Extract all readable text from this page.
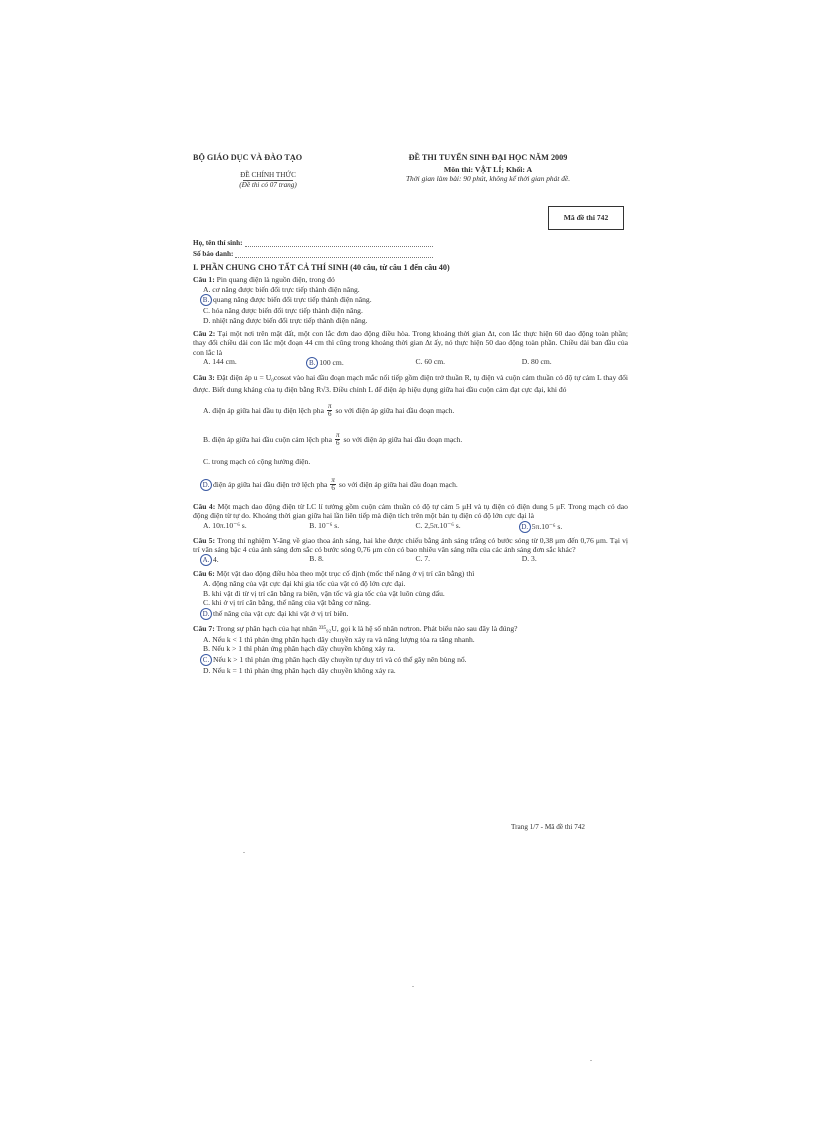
BỘ GIÁO DỤC VÀ ĐÀO TẠO
ĐỀ CHÍNH THỨC
(Đề thi có 07 trang)
ĐỀ THI TUYỂN SINH ĐẠI HỌC NĂM 2009
Môn thi: VẬT LÍ; Khối: A
Thời gian làm bài: 90 phút, không kể thời gian phát đề.
Mã đề thi 742
Họ, tên thí sinh:
Số báo danh:
I. PHẦN CHUNG CHO TẤT CẢ THÍ SINH (40 câu, từ câu 1 đến câu 40)
Câu 1: Pin quang điện là nguồn điện, trong đó
A. cơ năng được biến đổi trực tiếp thành điện năng.
B. quang năng được biến đổi trực tiếp thành điện năng.
C. hóa năng được biến đổi trực tiếp thành điện năng.
D. nhiệt năng được biến đổi trực tiếp thành điện năng.
Câu 2: Tại một nơi trên mặt đất, một con lắc đơn dao động điều hòa. Trong khoảng thời gian Δt, con lắc thực hiện 60 dao động toàn phần; thay đổi chiều dài con lắc một đoạn 44 cm thì cũng trong khoảng thời gian Δt ấy, nó thực hiện 50 dao động toàn phần. Chiều dài ban đầu của con lắc là
A. 144 cm.	B. 100 cm.	C. 60 cm.	D. 80 cm.
Câu 3: Đặt điện áp u = U₀cosωt vào hai đầu đoạn mạch mắc nối tiếp gồm điện trở thuần R, tụ điện và cuộn cảm thuần có độ tự cảm L thay đổi được. Biết dung kháng của tụ điện bằng R√3. Điều chỉnh L để điện áp hiệu dụng giữa hai đầu cuộn cảm đạt cực đại, khi đó
A. điện áp giữa hai đầu tụ điện lệch pha $\frac{\pi}{6}$ so với điện áp giữa hai đầu đoạn mạch.
B. điện áp giữa hai đầu cuộn cảm lệch pha $\frac{\pi}{6}$ so với điện áp giữa hai đầu đoạn mạch.
C. trong mạch có cộng hưởng điện.
D. điện áp giữa hai đầu điện trở lệch pha $\frac{\pi}{6}$ so với điện áp giữa hai đầu đoạn mạch.
Câu 4: Một mạch dao động điện từ LC lí tưởng gồm cuộn cảm thuần có độ tự cảm 5 μH và tụ điện có điện dung 5 μF. Trong mạch có dao động điện từ tự do. Khoảng thời gian giữa hai lần liên tiếp mà điện tích trên một bản tụ điện có độ lớn cực đại là
A. 10π.10⁻⁶ s.	B. 10⁻⁶ s.	C. 2,5π.10⁻⁶ s.	D. 5π.10⁻⁶ s.
Câu 5: Trong thí nghiệm Y-âng về giao thoa ánh sáng, hai khe được chiếu bằng ánh sáng trắng có bước sóng từ 0,38 μm đến 0,76 μm. Tại vị trí vân sáng bậc 4 của ánh sáng đơn sắc có bước sóng 0,76 μm còn có bao nhiêu vân sáng nữa của các ánh sáng đơn sắc khác?
A. 4.	B. 8.	C. 7.	D. 3.
Câu 6: Một vật dao động điều hòa theo một trục cố định (mốc thế năng ở vị trí cân bằng) thì
A. động năng của vật cực đại khi gia tốc của vật có độ lớn cực đại.
B. khi vật đi từ vị trí cân bằng ra biên, vận tốc và gia tốc của vật luôn cùng dấu.
C. khi ở vị trí cân bằng, thế năng của vật bằng cơ năng.
D. thế năng của vật cực đại khi vật ở vị trí biên.
Câu 7: Trong sự phân hạch của hạt nhân ²³⁵₉₂U, gọi k là hệ số nhân nơtron. Phát biểu nào sau đây là đúng?
A. Nếu k < 1 thì phản ứng phân hạch dây chuyền xảy ra và năng lượng tỏa ra tăng nhanh.
B. Nếu k > 1 thì phản ứng phân hạch dây chuyền không xảy ra.
C. Nếu k > 1 thì phản ứng phân hạch dây chuyền tự duy trì và có thể gây nên bùng nổ.
D. Nếu k = 1 thì phản ứng phân hạch dây chuyền không xảy ra.
Trang 1/7 - Mã đề thi 742
